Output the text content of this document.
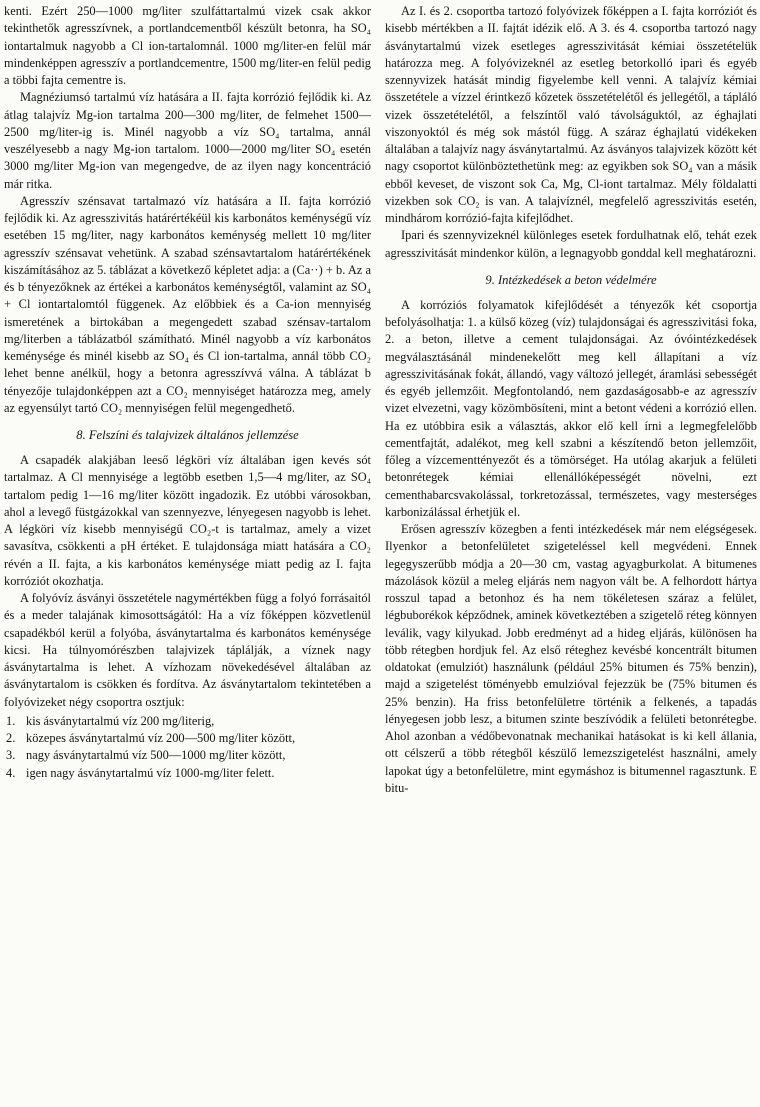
kenti. Ezért 250—1000 mg/liter szulfáttartalmú vizek csak akkor tekinthetők agresszívnek, a portlandcementből készült betonra, ha SO₄ iontartalmuk nagyobb a Cl ion-tartalomnál. 1000 mg/liter-en felül már mindenképpen agresszív a portlandcementre, 1500 mg/liter-en felül pedig a többi fajta cementre is.

Magnéziumsó tartalmú víz hatására a II. fajta korrózió fejlődik ki. Az átlag talajvíz Mg-ion tartalma 200—300 mg/liter, de felmehet 1500—2500 mg/liter-ig is. Minél nagyobb a víz SO₄ tartalma, annál veszélyesebb a nagy Mg-ion tartalom. 1000—2000 mg/liter SO₄ esetén 3000 mg/liter Mg-ion van megengedve, de az ilyen nagy koncentráció már ritka.

Agresszív szénsavat tartalmazó víz hatására a II. fajta korrózió fejlődik ki. Az agresszivitás határértékéül kis karbonátos keménységű víz esetében 15 mg/liter, nagy karbonátos keménység mellett 10 mg/liter agresszív szénsavat vehetünk. A szabad szénsavtartalom határértékének kiszámításához az 5. táblázat a következő képletet adja: a (Ca··) + b. Az a és b tényezőknek az értékei a karbonátos keménységtől, valamint az SO₄ + Cl iontartalomtól függenek. Az előbbiek és a Ca-ion mennyiség ismeretének a birtokában a megengedett szabad szénsav-tartalom mg/literben a táblázatból számítható. Minél nagyobb a víz karbonátos keménysége és minél kisebb az SO₄ és Cl ion-tartalma, annál több CO₂ lehet benne anélkül, hogy a betonra agresszívvá válna. A táblázat b tényezője tulajdonképpen azt a CO₂ mennyiséget határozza meg, amely az egyensúlyt tartó CO₂ mennyiségen felül megengedhető.

8. Felszíni és talajvizek általános jellemzése

A csapadék alakjában leeső légköri víz általában igen kevés sót tartalmaz. A Cl mennyisége a legtöbb esetben 1,5—4 mg/liter, az SO₄ tartalom pedig 1—16 mg/liter között ingadozik. Ez utóbbi városokban, ahol a levegő füstgázokkal van szennyezve, lényegesen nagyobb is lehet. A légköri víz kisebb mennyiségű CO₂-t is tartalmaz, amely a vizet savasítva, csökkenti a pH értéket. E tulajdonsága miatt hatására a CO₂ révén a II. fajta, a kis karbonátos keménysége miatt pedig az I. fajta korróziót okozhatja.

A folyóvíz ásványi összetétele nagymértékben függ a folyó forrásaitól és a meder talajának kimosottságától: Ha a víz főképpen közvetlenül csapadékból kerül a folyóba, ásványtartalma és karbonátos keménysége kicsi. Ha túlnyomórészben talajvizek táplálják, a víznek nagy ásványtartalma is lehet. A vízhozam növekedésével általában az ásványtartalom is csökken és fordítva. Az ásványtartalom tekintetében a folyóvizeket négy csoportra osztjuk:

1. kis ásványtartalmú víz 200 mg/literig,
2. közepes ásványtartalmú víz 200—500 mg/liter között,
3. nagy ásványtartalmú víz 500—1000 mg/liter között,
4. igen nagy ásványtartalmú víz 1000-mg/liter felett.

Az I. és 2. csoportba tartozó folyóvizek főképpen a I. fajta korróziót és kisebb mértékben a II. fajtát idézik elő. A 3. és 4. csoportba tartozó nagy ásványtartalmú vizek esetleges agresszivitását kémiai összetételük határozza meg. A folyóvizeknél az esetleg betorkolló ipari és egyéb szennyvizek hatását mindig figyelembe kell venni. A talajvíz kémiai összetétele a vízzel érintkező kőzetek összetételétől és jellegétől, a tápláló vizek összetételétől, a felszíntől való távolságuktól, az éghajlati viszonyoktól és még sok mástól függ. A száraz éghajlatú vidékeken általában a talajvíz nagy ásványtartalmú. Az ásványos talajvizek között két nagy csoportot különböztethetünk meg: az egyikben sok SO₄ van a másik ebből keveset, de viszont sok Ca, Mg, Cl-iont tartalmaz. Mély földalatti vizekben sok CO₂ is van. A talajvíznél, megfelelő agresszivitás esetén, mindhárom korrózió-fajta kifejlődhet.

Ipari és szennyvizeknél különleges esetek fordulhatnak elő, tehát ezek agresszivitását mindenkor külön, a legnagyobb gonddal kell meghatározni.

9. Intézkedések a beton védelmére

A korróziós folyamatok kifejlődését a tényezők két csoportja befolyásolhatja: 1. a külső közeg (víz) tulajdonságai és agresszivitási foka, 2. a beton, illetve a cement tulajdonságai. Az óvóintézkedések megválasztásánál mindenekelőtt meg kell állapítani a víz agresszivitásának fokát, állandó, vagy változó jellegét, áramlási sebességét és egyéb jellemzőit. Megfontolandó, nem gazdaságosabb-e az agresszív vizet elvezetni, vagy közömbösíteni, mint a betont védeni a korrózió ellen. Ha ez utóbbira esik a választás, akkor elő kell írni a legmegfelelőbb cementfajtát, adalékot, meg kell szabni a készítendő beton jellemzőit, főleg a vízcementtényezőt és a tömörséget. Ha utólag akarjuk a felületi betonrétegek kémiai ellenállóképességét növelni, ezt cementhabarcsvakolással, torkretozással, természetes, vagy mesterséges karbonizálással érhetjük el.

Erősen agresszív közegben a fenti intézkedések már nem elégségesek. Ilyenkor a betonfelületet szigeteléssel kell megvédeni. Ennek legegyszerűbb módja a 20—30 cm, vastag agyagburkolat. A bitumenes mázolások közül a meleg eljárás nem nagyon vált be. A felhordott hártya rosszul tapad a betonhoz és ha nem tökéletesen száraz a felület, légbuborékok képződnek, aminek következtében a szigetelő réteg könnyen leválik, vagy kilyukad. Jobb eredményt ad a hideg eljárás, különösen ha több rétegben hordjuk fel. Az első réteghez kevésbé koncentrált bitumen oldatokat (emulziót) használunk (például 25% bitumen és 75% benzin), majd a szigetelést töményebb emulzióval fejezzük be (75% bitumen és 25% benzin). Ha friss betonfelületre történik a felkenés, a tapadás lényegesen jobb lesz, a bitumen szinte beszívódik a felületi betonrétegbe. Ahol azonban a védőbevonatnak mechanikai hatásokat is ki kell állania, ott célszerű a több rétegből készülő lemezszigetelést használni, amely lapokat úgy a betonfelületre, mint egymáshoz is bitumennel ragasztunk. E bitu-
